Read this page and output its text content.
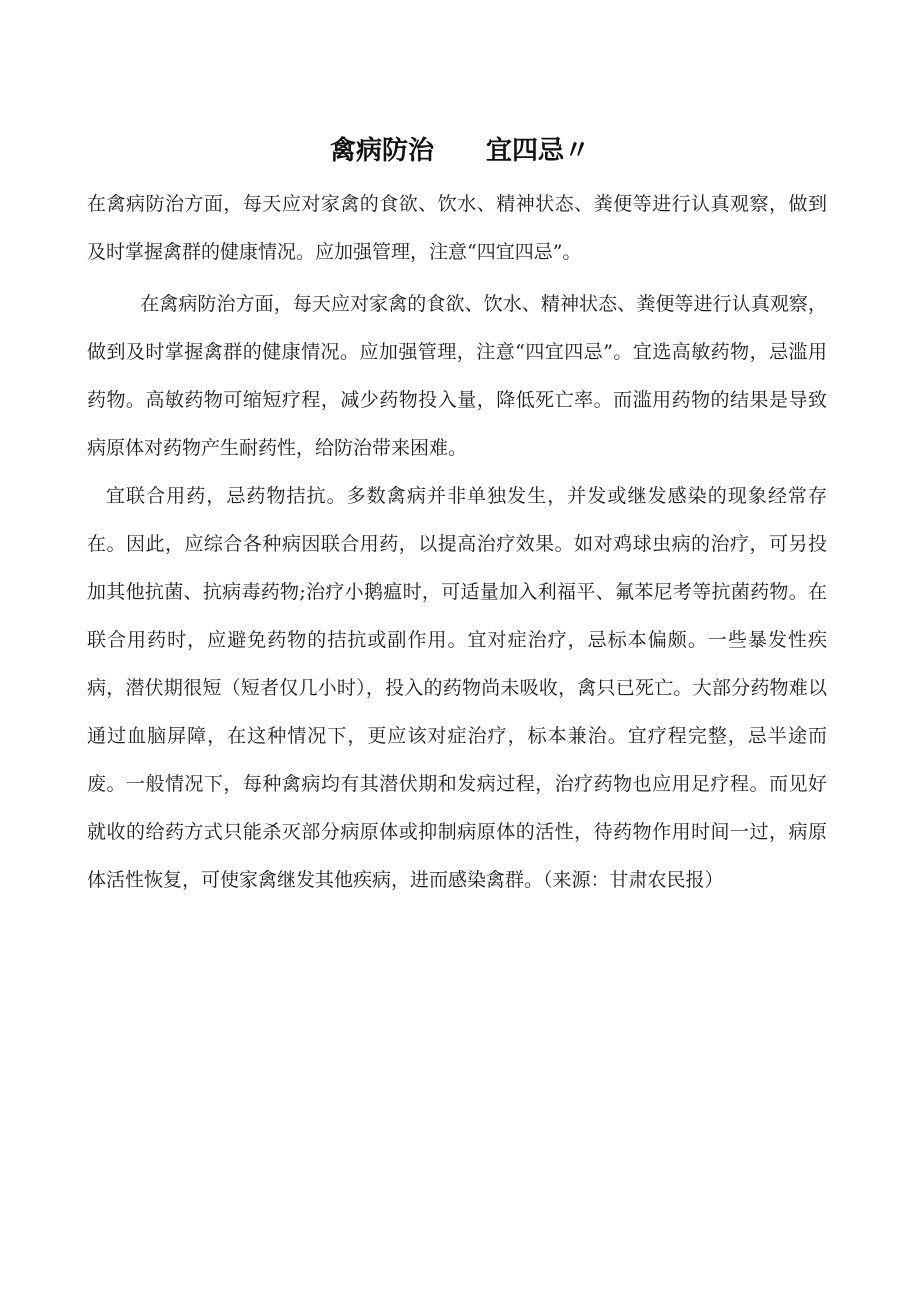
禽病防治　　宜四忌〃

在禽病防治方面，每天应对家禽的食欲、饮水、精神状态、粪便等进行认真观察，做到及时掌握禽群的健康情况。应加强管理，注意“四宜四忌”。

在禽病防治方面，每天应对家禽的食欲、饮水、精神状态、粪便等进行认真观察，做到及时掌握禽群的健康情况。应加强管理，注意“四宜四忌”。宜选高敏药物，忌滥用药物。高敏药物可缩短疗程，减少药物投入量，降低死亡率。而滥用药物的结果是导致病原体对药物产生耐药性，给防治带来困难。

宜联合用药，忌药物拮抗。多数禽病并非单独发生，并发或继发感染的现象经常存在。因此，应综合各种病因联合用药，以提高治疗效果。如对鸡球虫病的治疗，可另投加其他抗菌、抗病毒药物;治疗小鹅瘟时，可适量加入利福平、氟苯尼考等抗菌药物。在联合用药时，应避免药物的拮抗或副作用。宜对症治疗，忌标本偏颇。一些暴发性疾病，潜伏期很短（短者仅几小时），投入的药物尚未吸收，禽只已死亡。大部分药物难以通过血脑屏障，在这种情况下，更应该对症治疗，标本兼治。宜疗程完整，忌半途而废。一般情况下，每种禽病均有其潜伏期和发病过程，治疗药物也应用足疗程。而见好就收的给药方式只能杀灭部分病原体或抑制病原体的活性，待药物作用时间一过，病原体活性恢复，可使家禽继发其他疾病，进而感染禽群。（来源：甘肃农民报）
